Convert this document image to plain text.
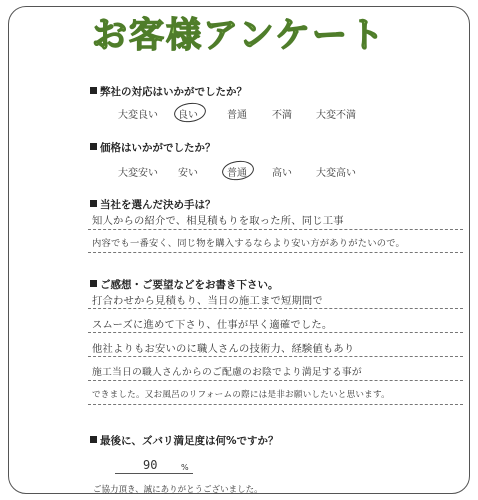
お客様アンケート
弊社の対応はいかがでしたか？
大変良い 良い	普通	不満 大変不満
価格はいかがでしたか？
大変安い 安い	普通	高い 大変高い
当社を選んだ決め手は？
知人からの紹介で、相見積もりを取った所、同じ工事
内容でも一番安く、同じ物を購入するならより安い方がありがたいので。
ご感想・ご要望などをお書き下さい。
打合わせから見積もり、当日の施工まで短期間で
スムーズに進めて下さり、仕事が早く適確でした。
他社よりもお安いのに職人さんの技術力、経験値もあり
施工当日の職人さんからのご配慮のお陰でより満足する事が
できました。又お風呂のリフォームの際には是非お願いしたいと思います。
最後に、ズバリ満足度は何%ですか？
90	%
ご協力頂き、誠にありがとうございました。
